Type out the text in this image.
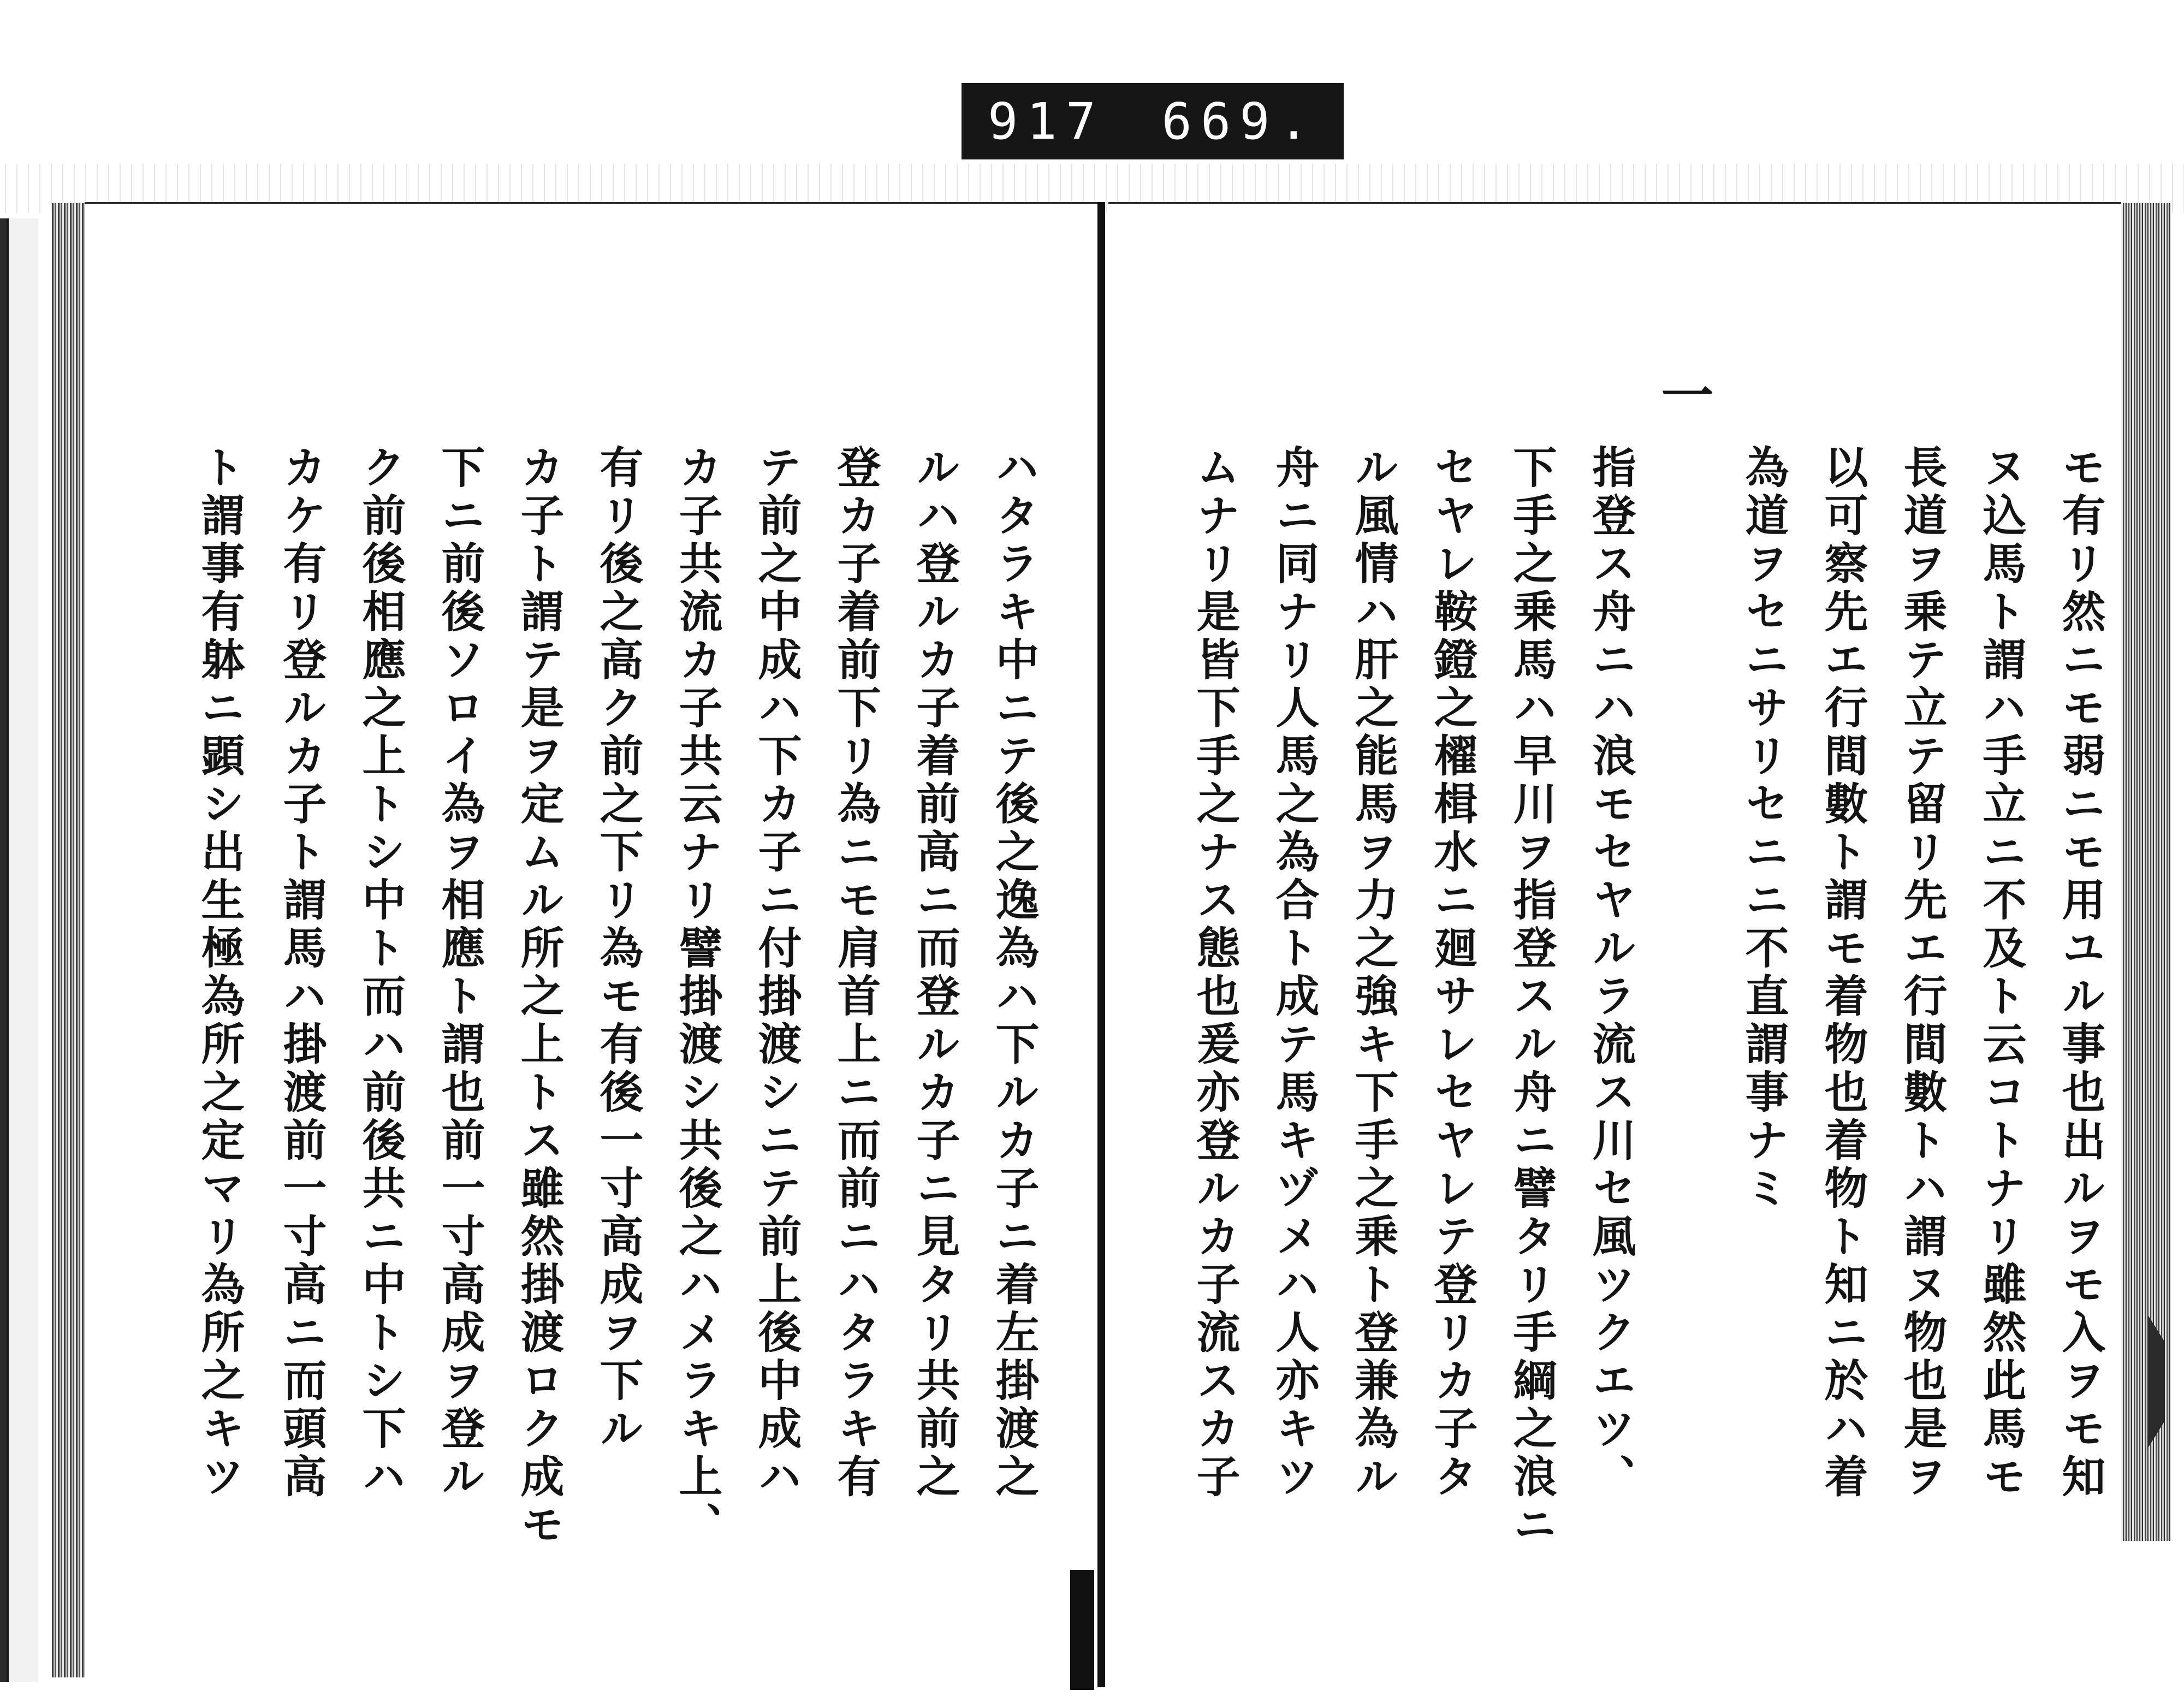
917 669.
ト謂事有躰ニ顕シ出生極為所之定マリ為所之キツ カケ有リ登ルカ子ト謂馬ハ掛渡前一寸高ニ而頭高 ク前後相應之上トシ中ト而ハ前後共ニ中トシ下ハ 下ニ前後ソロイ為ヲ相應ト謂也前一寸高成ヲ登ル カ子ト謂テ是ヲ定ムル所之上トス雖然掛渡ロク成モ 有リ後之高ク前之下リ為モ有後一寸高成ヲ下ル カ子共流カ子共云ナリ譬掛渡シ共後之ハメラキ上、 テ前之中成ハ下カ子ニ付掛渡シニテ前上後中成ハ 登カ子着前下リ為ニモ肩首上ニ而前ニハタラキ有 ルハ登ルカ子着前高ニ而登ルカ子ニ見タリ共前之 ハタラキ中ニテ後之逸為ハ下ルカ子ニ着左掛渡之	モ有リ然ニモ弱ニモ用ユル事也出ルヲモ入ヲモ知
ヌ込馬ト謂ハ手立ニ不及ト云コトナリ雖然此馬モ
長道ヲ乗テ立テ留リ先エ行間數トハ謂ヌ物也是ヲ
以可察先エ行間數ト謂モ着物也着物ト知ニ於ハ着
為道ヲセニサリセニニ不直謂事ナミ
一
指登ス舟ニハ浪モセヤルラ流ス川セ風ツクエツ、
下手之乗馬ハ早川ヲ指登スル舟ニ譬タリ手綱之浪ニ
セヤレ鞍鐙之櫂楫水ニ廻サレセヤレテ登リカ子タ
ル風情ハ肝之能馬ヲ力之強キ下手之乗ト登兼為ル
舟ニ同ナリ人馬之為合ト成テ馬キヅメハ人亦キツ
ムナリ是皆下手之ナス態也爰亦登ルカ子流スカ子
